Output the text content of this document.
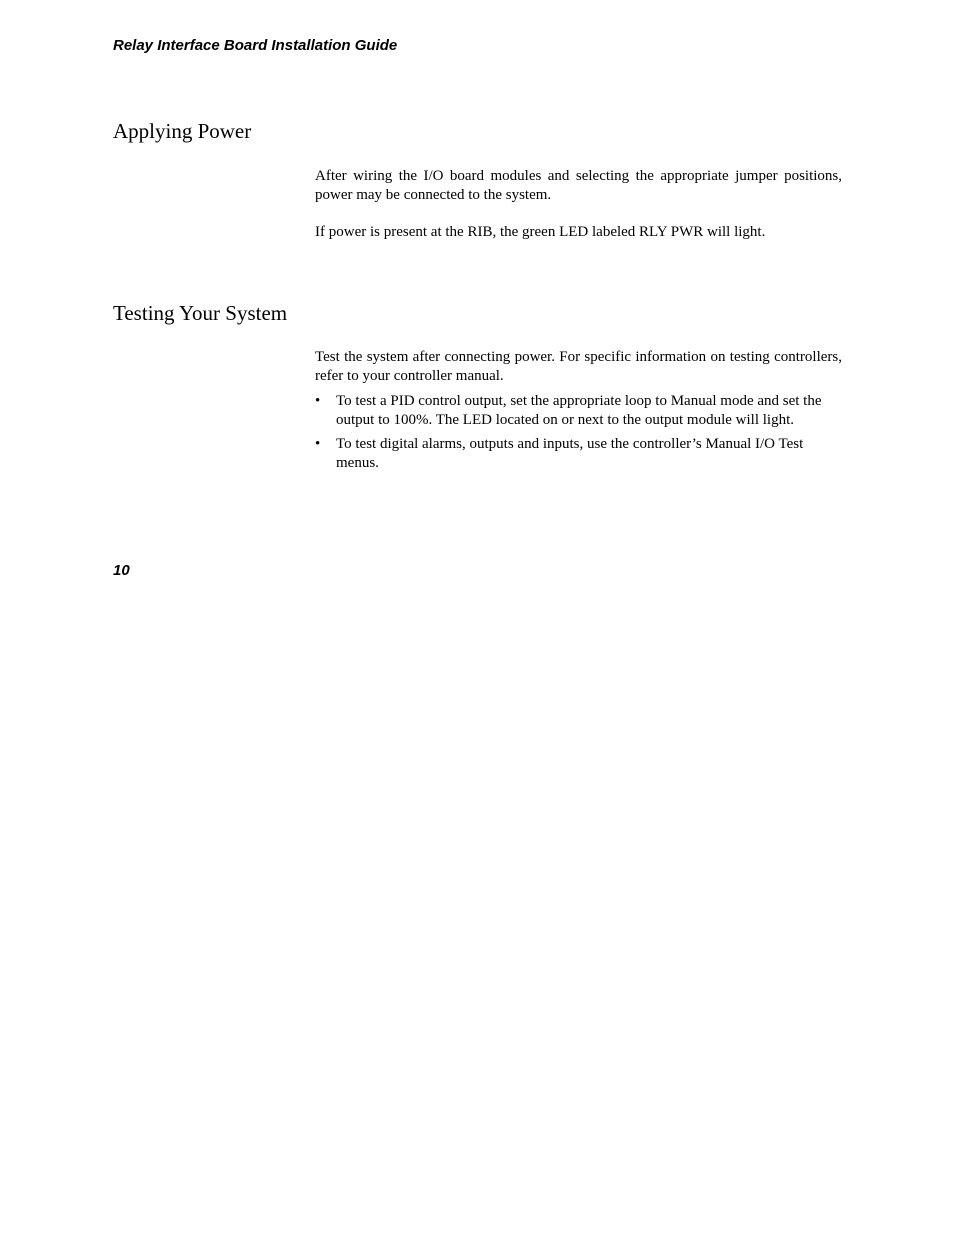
Relay Interface Board Installation Guide
Applying Power

After wiring the I/O board modules and selecting the appropriate jumper positions, power may be connected to the system.

If power is present at the RIB, the green LED labeled RLY PWR will light.

Testing Your System

Test the system after connecting power. For specific information on testing controllers, refer to your controller manual.

• To test a PID control output, set the appropriate loop to Manual mode and set the output to 100%. The LED located on or next to the output module will light.
• To test digital alarms, outputs and inputs, use the controller’s Manual I/O Test menus.
10
